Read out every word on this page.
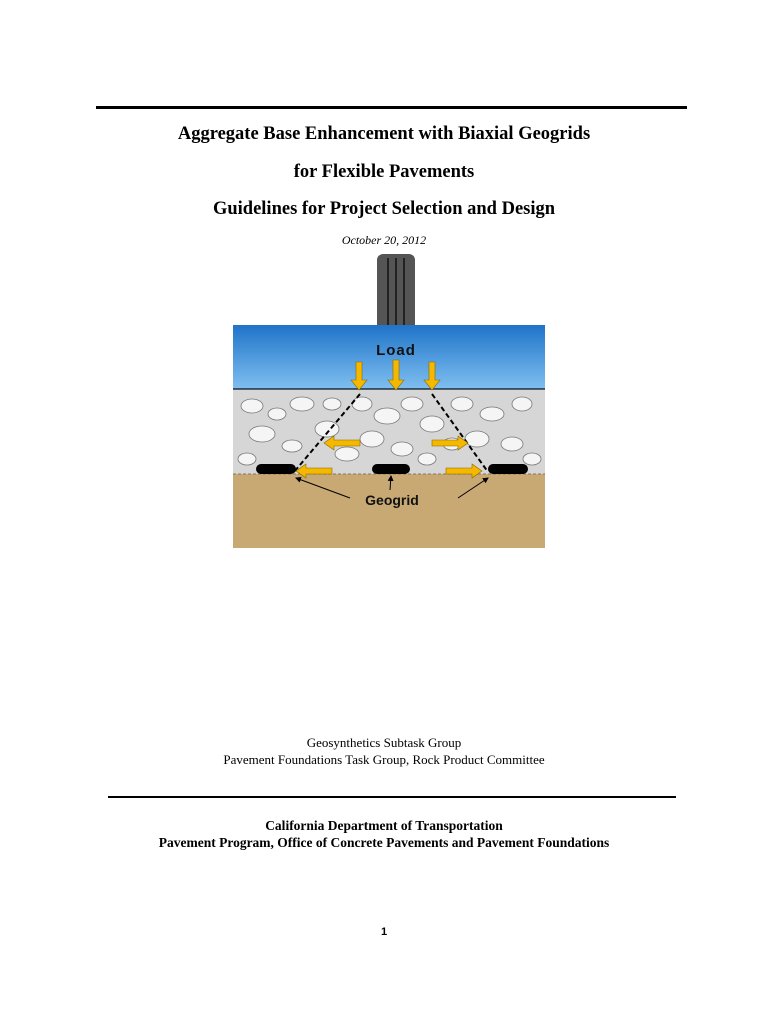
Aggregate Base Enhancement with Biaxial Geogrids
for Flexible Pavements
Guidelines for Project Selection and Design
October 20, 2012
Load
Geogrid
Geosynthetics Subtask Group
Pavement Foundations Task Group, Rock Product Committee
California Department of Transportation
Pavement Program, Office of Concrete Pavements and Pavement Foundations
1
